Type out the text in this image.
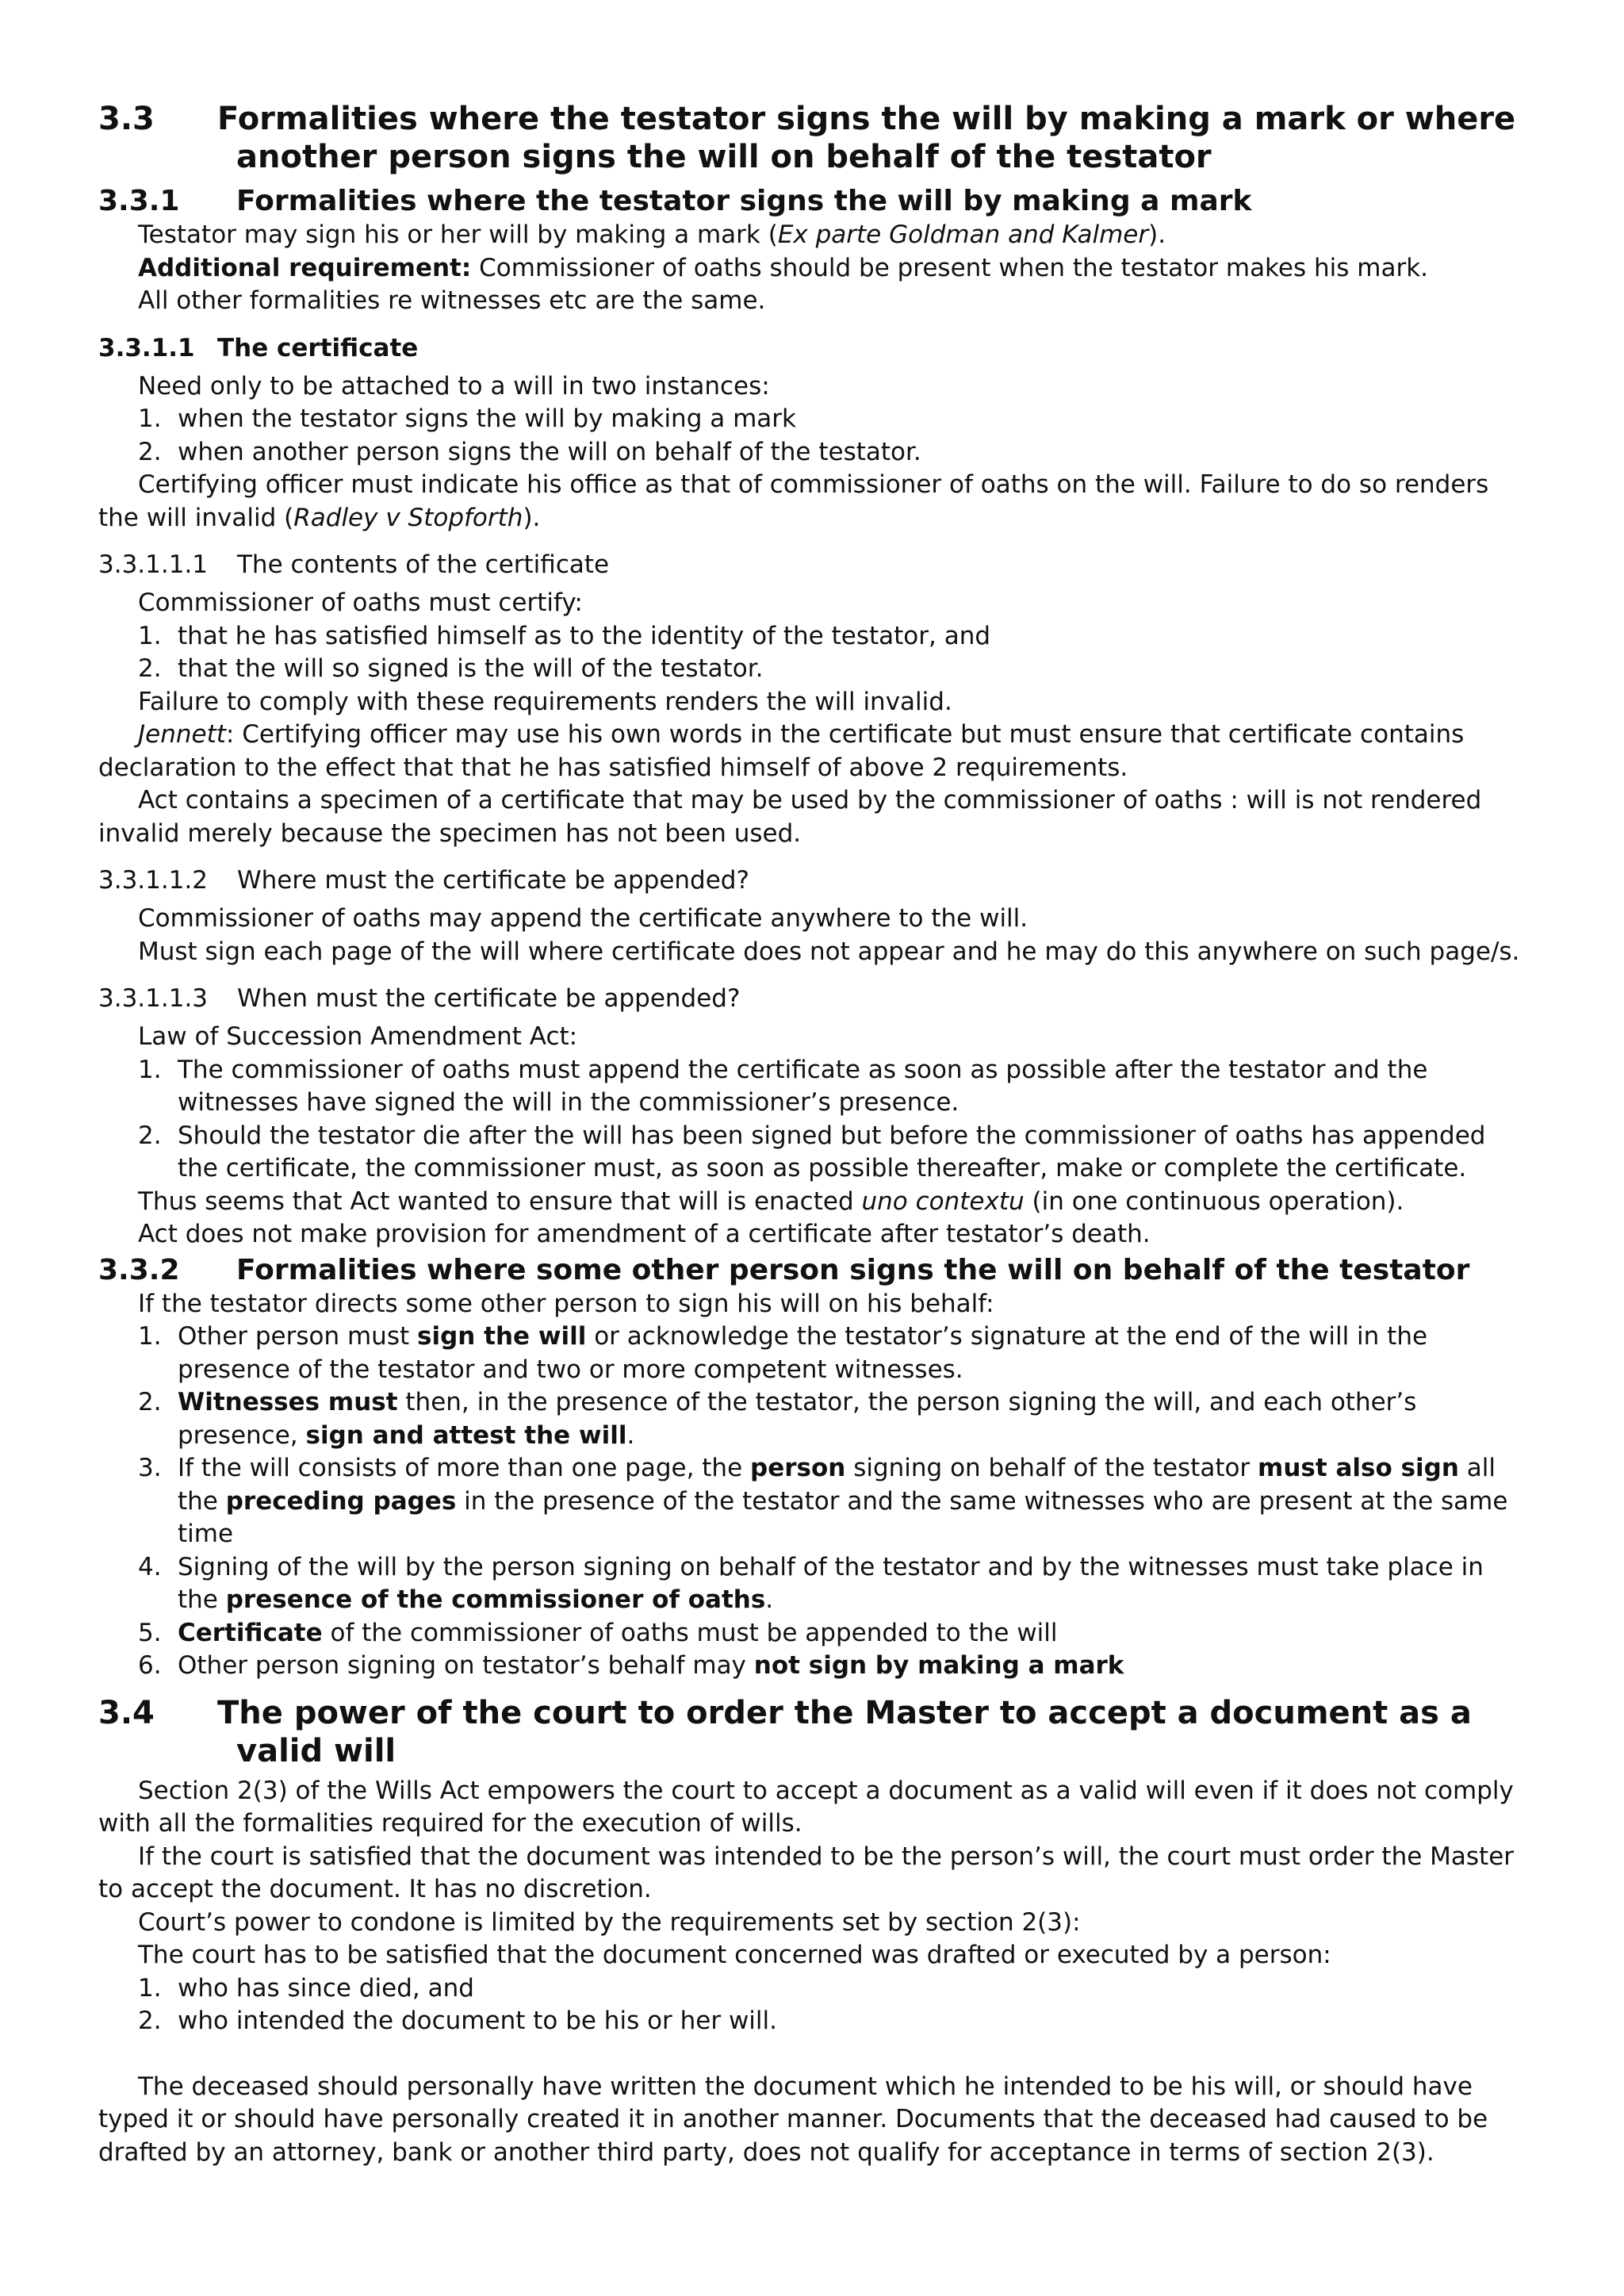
3.3	Formalities where the testator signs the will by making a mark or where another person signs the will on behalf of the testator
3.3.1	Formalities where the testator signs the will by making a mark

Testator may sign his or her will by making a mark (Ex parte Goldman and Kalmer).

Additional requirement: Commissioner of oaths should be present when the testator makes his mark.

All other formalities re witnesses etc are the same.

3.3.1.1 The certificate

Need only to be attached to a will in two instances:

1. when the testator signs the will by making a mark
2. when another person signs the will on behalf of the testator.

Certifying officer must indicate his office as that of commissioner of oaths on the will. Failure to do so renders the will invalid (Radley v Stopforth).

3.3.1.1.1	The contents of the certificate

Commissioner of oaths must certify:

1. that he has satisfied himself as to the identity of the testator, and
2. that the will so signed is the will of the testator.

Failure to comply with these requirements renders the will invalid.

Jennett: Certifying officer may use his own words in the certificate but must ensure that certificate contains declaration to the effect that that he has satisfied himself of above 2 requirements.

Act contains a specimen of a certificate that may be used by the commissioner of oaths : will is not rendered invalid merely because the specimen has not been used.

3.3.1.1.2	Where must the certificate be appended?

Commissioner of oaths may append the certificate anywhere to the will.

Must sign each page of the will where certificate does not appear and he may do this anywhere on such page/s.

3.3.1.1.3	When must the certificate be appended?

Law of Succession Amendment Act:

1. The commissioner of oaths must append the certificate as soon as possible after the testator and the witnesses have signed the will in the commissioner’s presence.
2. Should the testator die after the will has been signed but before the commissioner of oaths has appended the certificate, the commissioner must, as soon as possible thereafter, make or complete the certificate.

Thus seems that Act wanted to ensure that will is enacted uno contextu (in one continuous operation).

Act does not make provision for amendment of a certificate after testator’s death.

3.3.2	Formalities where some other person signs the will on behalf of the testator

If the testator directs some other person to sign his will on his behalf:

1. Other person must sign the will or acknowledge the testator’s signature at the end of the will in the presence of the testator and two or more competent witnesses.
2. Witnesses must then, in the presence of the testator, the person signing the will, and each other’s presence, sign and attest the will.
3. If the will consists of more than one page, the person signing on behalf of the testator must also sign all the preceding pages in the presence of the testator and the same witnesses who are present at the same time
4. Signing of the will by the person signing on behalf of the testator and by the witnesses must take place in the presence of the commissioner of oaths.
5. Certificate of the commissioner of oaths must be appended to the will
6. Other person signing on testator’s behalf may not sign by making a mark
3.4	The power of the court to order the Master to accept a document as a valid will

Section 2(3) of the Wills Act empowers the court to accept a document as a valid will even if it does not comply with all the formalities required for the execution of wills.

If the court is satisfied that the document was intended to be the person’s will, the court must order the Master to accept the document. It has no discretion.

Court’s power to condone is limited by the requirements set by section 2(3):

The court has to be satisfied that the document concerned was drafted or executed by a person:

1. who has since died, and
2. who intended the document to be his or her will.

The deceased should personally have written the document which he intended to be his will, or should have typed it or should have personally created it in another manner. Documents that the deceased had caused to be drafted by an attorney, bank or another third party, does not qualify for acceptance in terms of section 2(3).
